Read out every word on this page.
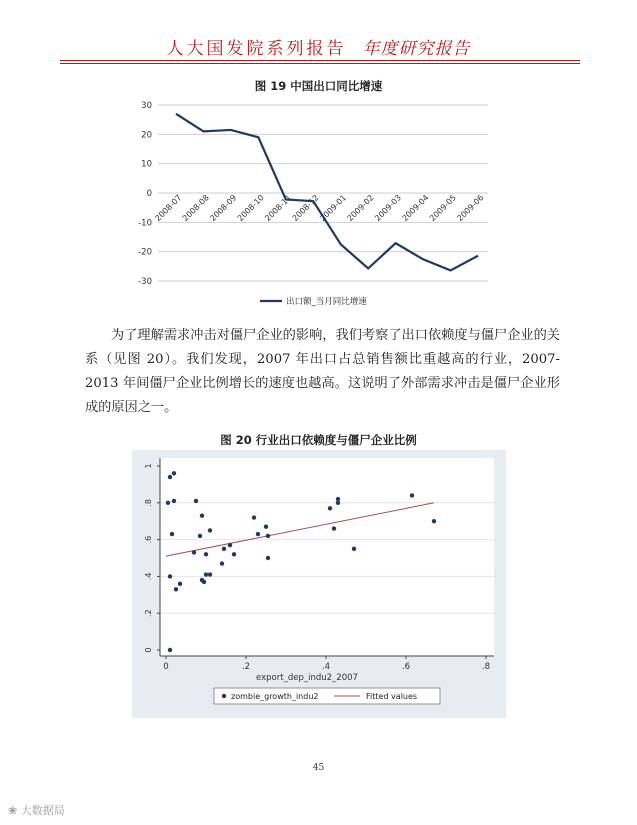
人大国发院系列报告 年度研究报告
图 19 中国出口同比增速
30
20
10
0
-10
-20
-30
2008-07
2008-08
2008-09
2008-10
2008-11
2008-12
2009-01
2009-02
2009-03
2009-04
2009-05
2009-06
出口额_当月同比增速

为了理解需求冲击对僵尸企业的影响，我们考察了出口依赖度与僵尸企业的关系（见图 20）。我们发现，2007 年出口占总销售额比重越高的行业，2007-2013 年间僵尸企业比例增长的速度也越高。这说明了外部需求冲击是僵尸企业形成的原因之一。

图 20 行业出口依赖度与僵尸企业比例
0
.2
.4
.6
.8
1
0	.2	.4	.6	.8
export_dep_indu2_2007
zombie_growth_indu2	Fitted values
45
❀ 大数据局
